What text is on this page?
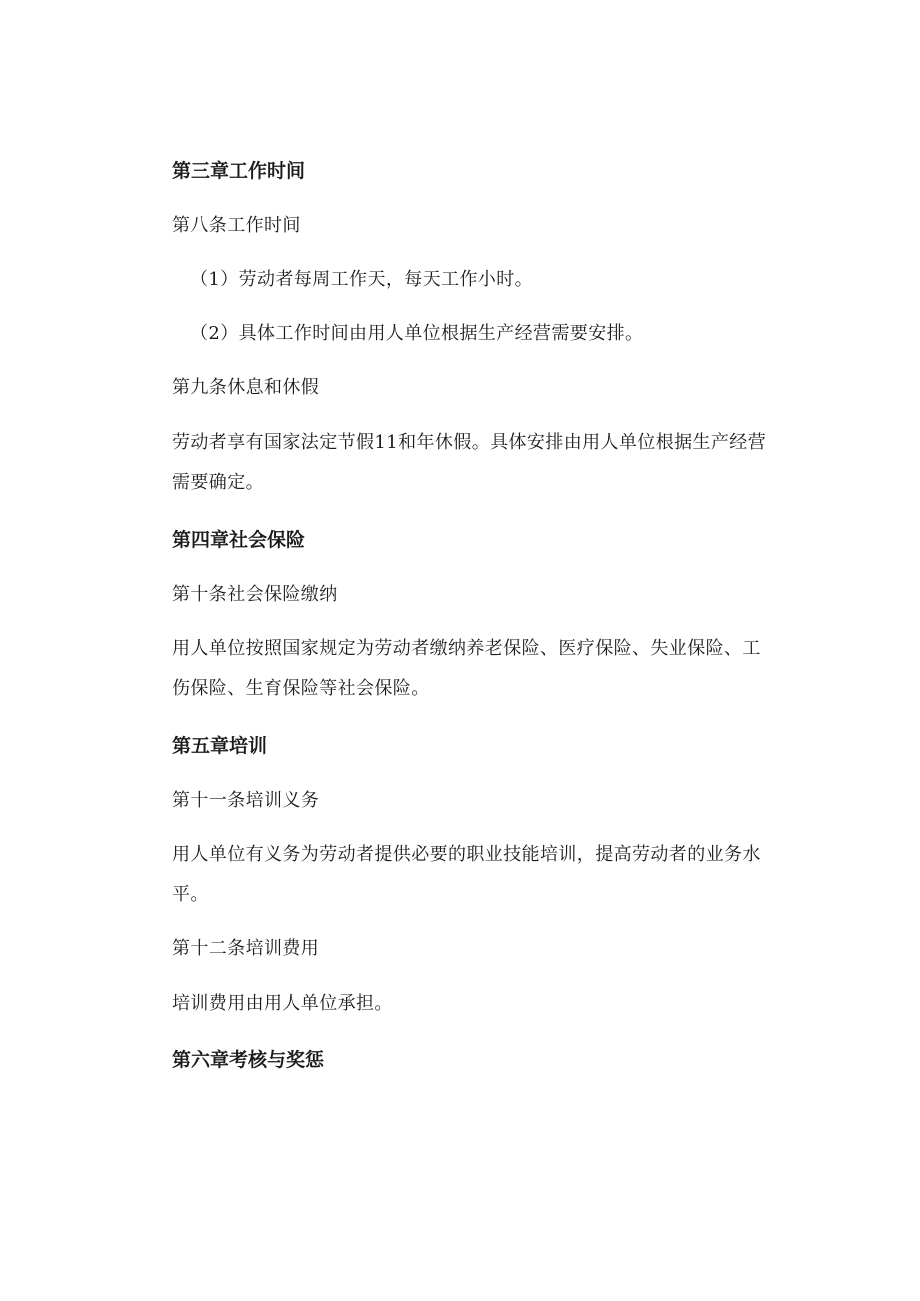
第三章工作时间
第八条工作时间
（1）劳动者每周工作天，每天工作小时。
（2）具体工作时间由用人单位根据生产经营需要安排。
第九条休息和休假
劳动者享有国家法定节假11和年休假。具体安排由用人单位根据生产经营
需要确定。
第四章社会保险
第十条社会保险缴纳
用人单位按照国家规定为劳动者缴纳养老保险、医疗保险、失业保险、工
伤保险、生育保险等社会保险。
第五章培训
第十一条培训义务
用人单位有义务为劳动者提供必要的职业技能培训，提高劳动者的业务水
平。
第十二条培训费用
培训费用由用人单位承担。
第六章考核与奖惩
